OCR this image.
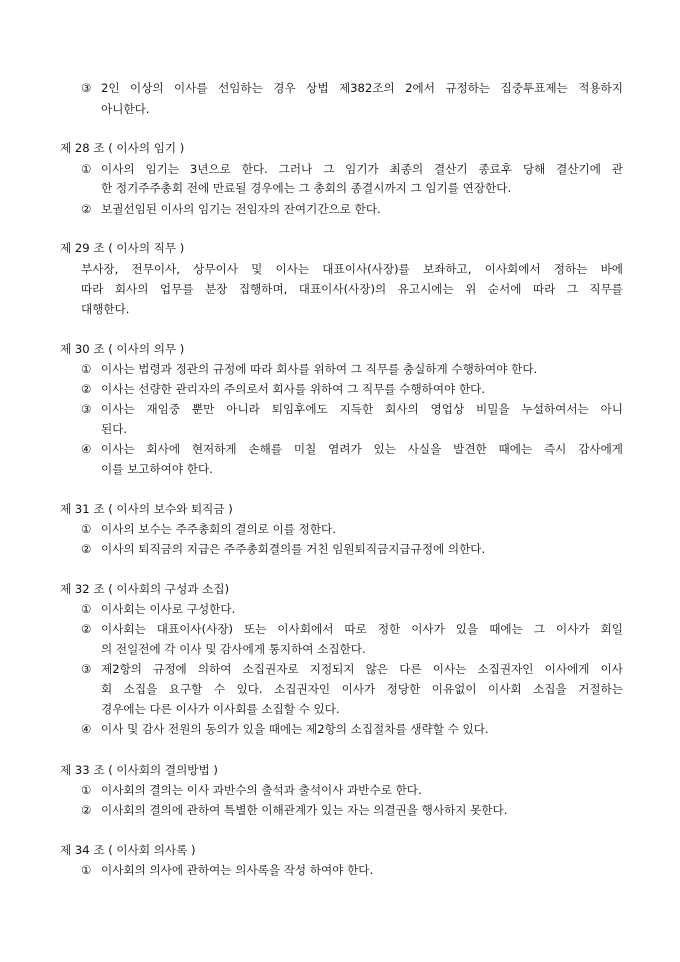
③ 2인 이상의 이사를 선임하는 경우 상법 제382조의 2에서 규정하는 집중투표제는 적용하지
아니한다.
제 28 조 ( 이사의 임기 )
① 이사의 임기는 3년으로 한다. 그러나 그 임기가 최종의 결산기 종료후 당해 결산기에 관
한 정기주주총회 전에 만료될 경우에는 그 총회의 종결시까지 그 임기를 연장한다.
② 보궐선임된 이사의 임기는 전임자의 잔여기간으로 한다.
제 29 조 ( 이사의 직무 )
부사장, 전무이사, 상무이사 및 이사는 대표이사(사장)를 보좌하고, 이사회에서 정하는 바에
따라 회사의 업무를 분장 집행하며, 대표이사(사장)의 유고시에는 위 순서에 따라 그 직무를
대행한다.
제 30 조 ( 이사의 의무 )
① 이사는 법령과 정관의 규정에 따라 회사를 위하여 그 직무를 충실하게 수행하여야 한다.
② 이사는 선량한 관리자의 주의로서 회사를 위하여 그 직무를 수행하여야 한다.
③ 이사는 재임중 뿐만 아니라 퇴임후에도 지득한 회사의 영업상 비밀을 누설하여서는 아니
된다.
④ 이사는 회사에 현저하게 손해를 미칠 염려가 있는 사실을 발견한 때에는 즉시 감사에게
이를 보고하여야 한다.
제 31 조 ( 이사의 보수와 퇴직금 )
① 이사의 보수는 주주총회의 결의로 이를 정한다.
② 이사의 퇴직금의 지급은 주주총회결의를 거친 임원퇴직금지급규정에 의한다.
제 32 조 ( 이사회의 구성과 소집)
① 이사회는 이사로 구성한다.
② 이사회는 대표이사(사장) 또는 이사회에서 따로 정한 이사가 있을 때에는 그 이사가 회일
의 전일전에 각 이사 및 감사에게 통지하여 소집한다.
③ 제2항의 규정에 의하여 소집권자로 지정되지 않은 다른 이사는 소집권자인 이사에게 이사
회 소집을 요구할 수 있다. 소집권자인 이사가 정당한 이유없이 이사회 소집을 거절하는
경우에는 다른 이사가 이사회를 소집할 수 있다.
④ 이사 및 감사 전원의 동의가 있을 때에는 제2항의 소집절차를 생략할 수 있다.
제 33 조 ( 이사회의 결의방법 )
① 이사회의 결의는 이사 과반수의 출석과 출석이사 과반수로 한다.
② 이사회의 결의에 관하여 특별한 이해관계가 있는 자는 의결권을 행사하지 못한다.
제 34 조 ( 이사회 의사록 )
① 이사회의 의사에 관하여는 의사록을 작성 하여야 한다.
